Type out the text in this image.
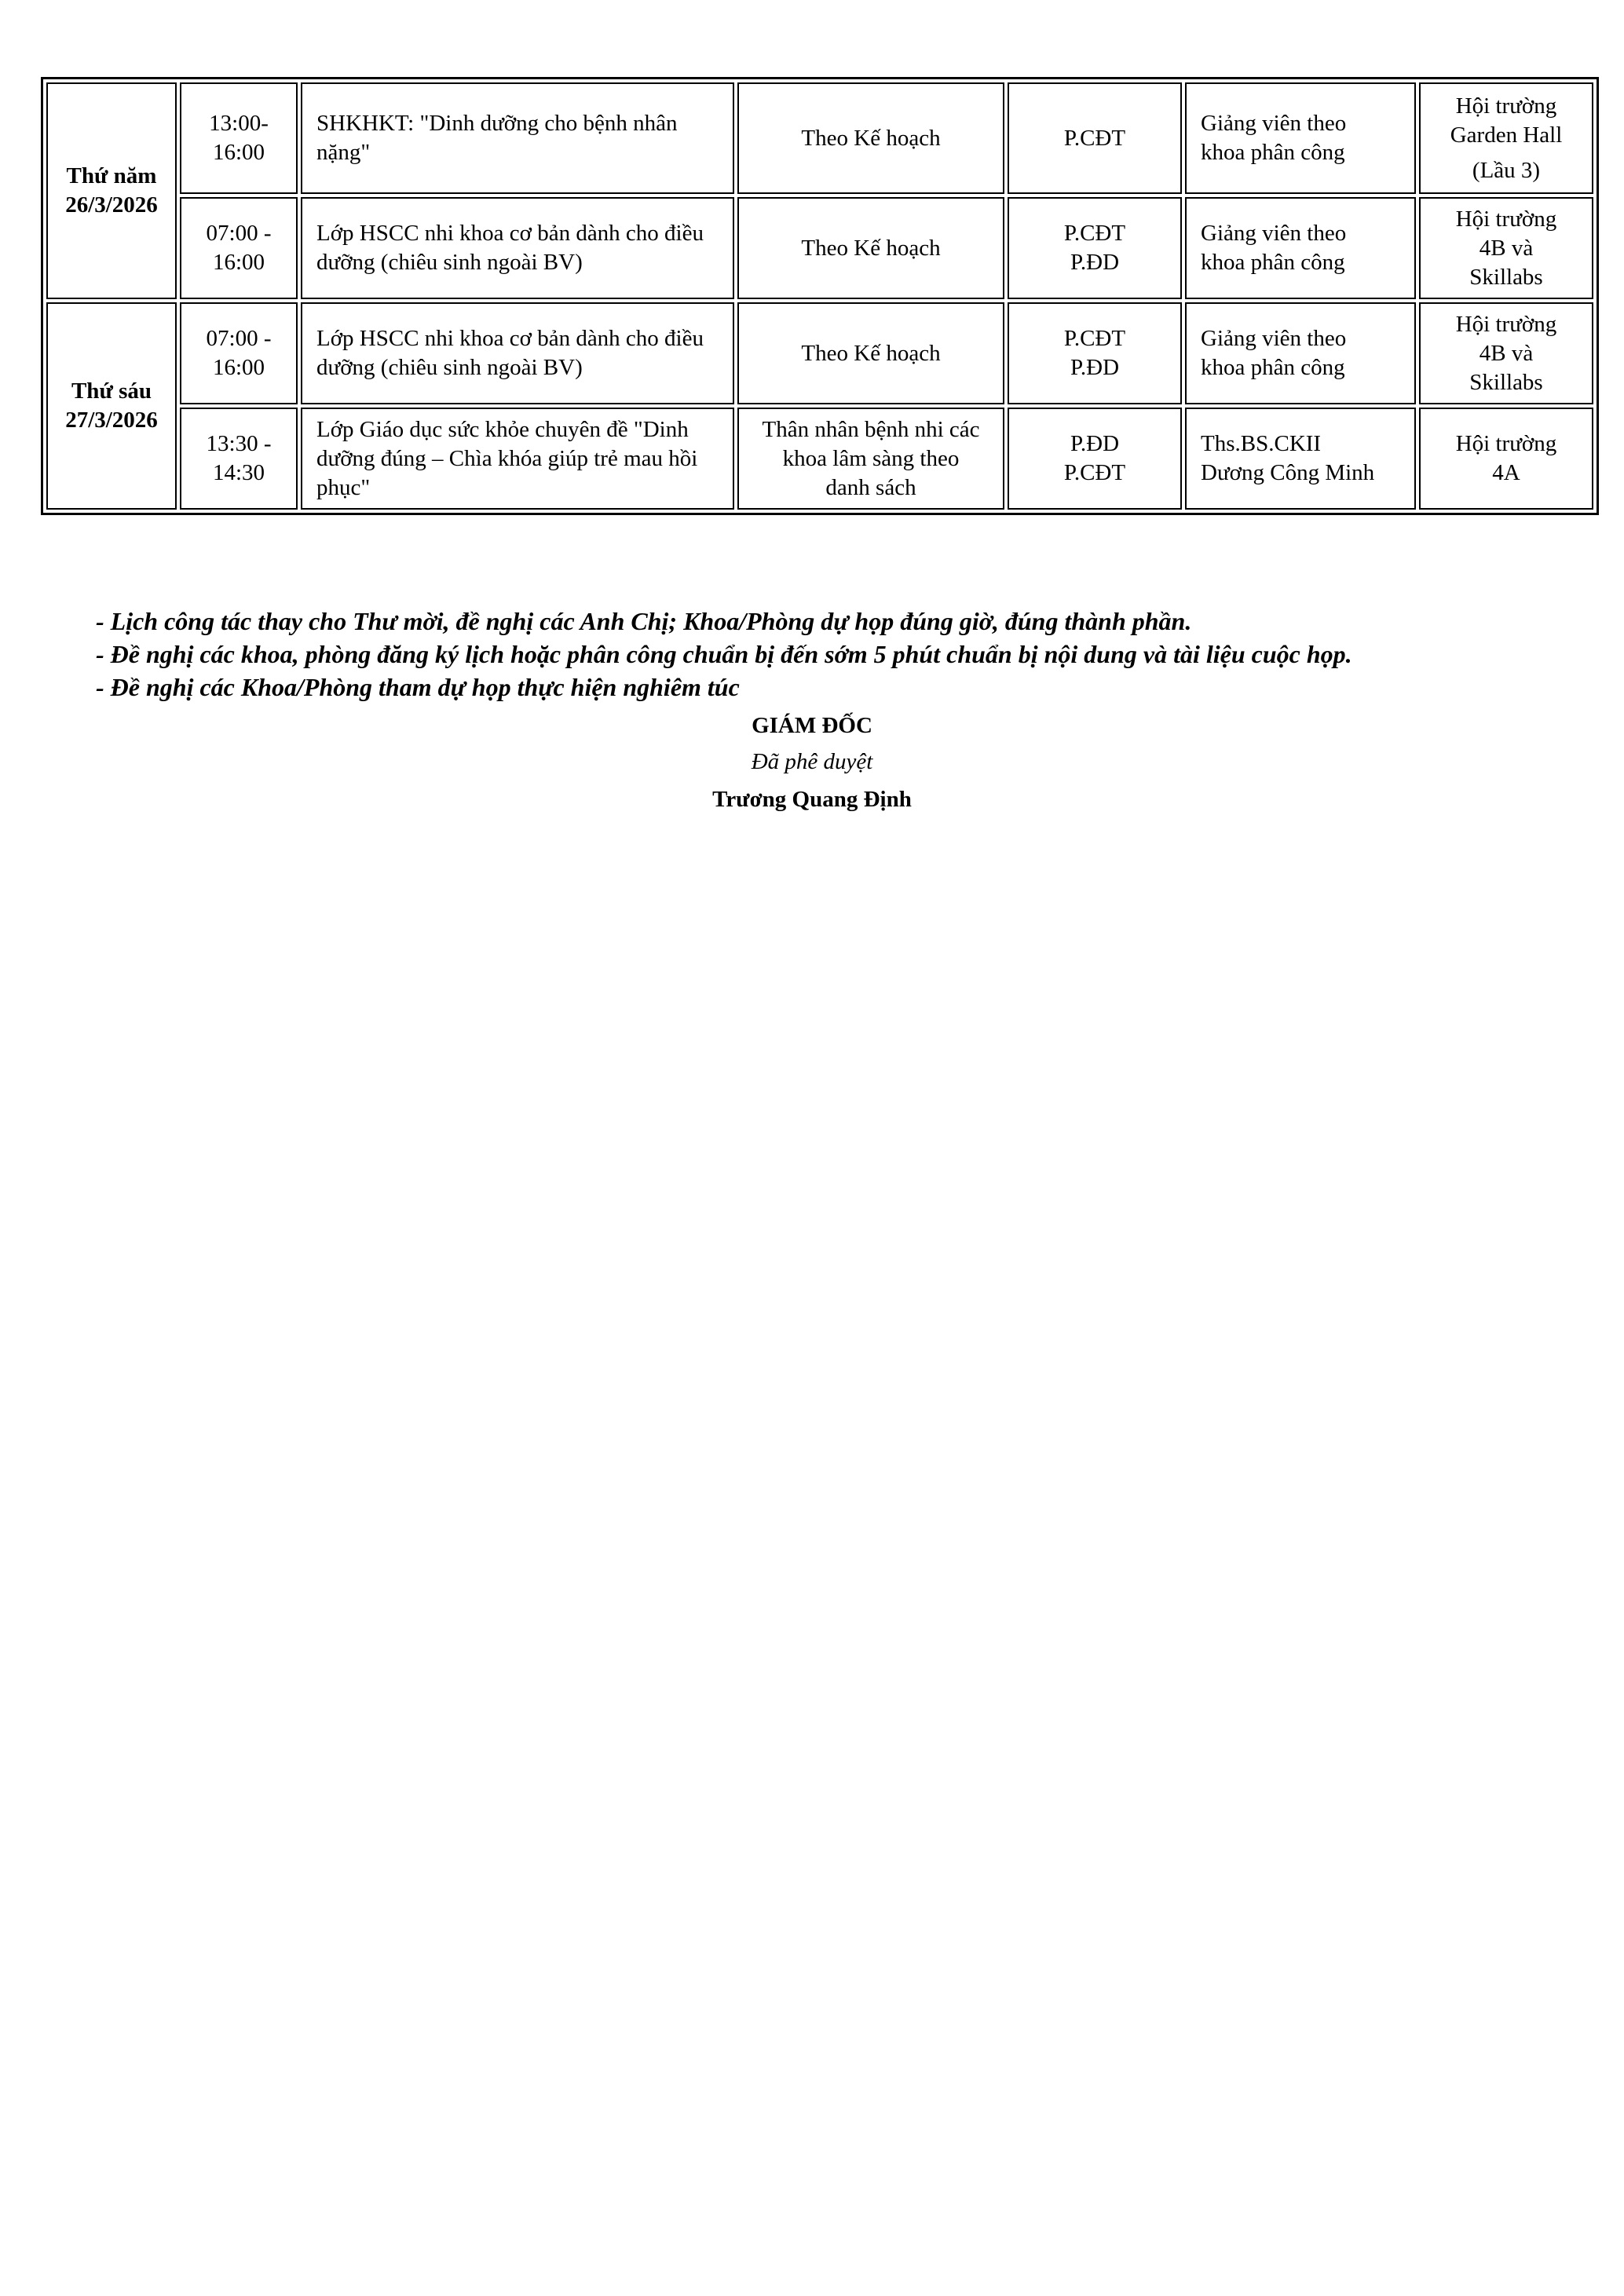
Thứ năm
26/3/2026	13:00-
16:00	SHKHKT: "Dinh dưỡng cho bệnh nhân nặng"	Theo Kế hoạch	P.CĐT	Giảng viên theo
khoa phân công	Hội trường
Garden Hall
(Lầu 3)

	07:00 -
16:00	Lớp HSCC nhi khoa cơ bản dành cho điều dưỡng (chiêu sinh ngoài BV)	Theo Kế hoạch	P.CĐT
P.ĐD	Giảng viên theo
khoa phân công	Hội trường
4B và
Skillabs

Thứ sáu
27/3/2026	07:00 -
16:00	Lớp HSCC nhi khoa cơ bản dành cho điều dưỡng (chiêu sinh ngoài BV)	Theo Kế hoạch	P.CĐT
P.ĐD	Giảng viên theo
khoa phân công	Hội trường
4B và
Skillabs

	13:30 -
14:30	Lớp Giáo dục sức khỏe chuyên đề "Dinh dưỡng đúng – Chìa khóa giúp trẻ mau hồi phục"	Thân nhân bệnh nhi các
khoa lâm sàng theo
danh sách	P.ĐD
P.CĐT	Ths.BS.CKII
Dương Công Minh	Hội trường
4A
- Lịch công tác thay cho Thư mời, đề nghị các Anh Chị; Khoa/Phòng dự họp đúng giờ, đúng thành phần.
- Đề nghị các khoa, phòng đăng ký lịch hoặc phân công chuẩn bị đến sớm 5 phút chuẩn bị nội dung và tài liệu cuộc họp.
- Đề nghị các Khoa/Phòng tham dự họp thực hiện nghiêm túc
GIÁM ĐỐC
Đã phê duyệt
Trương Quang Định
